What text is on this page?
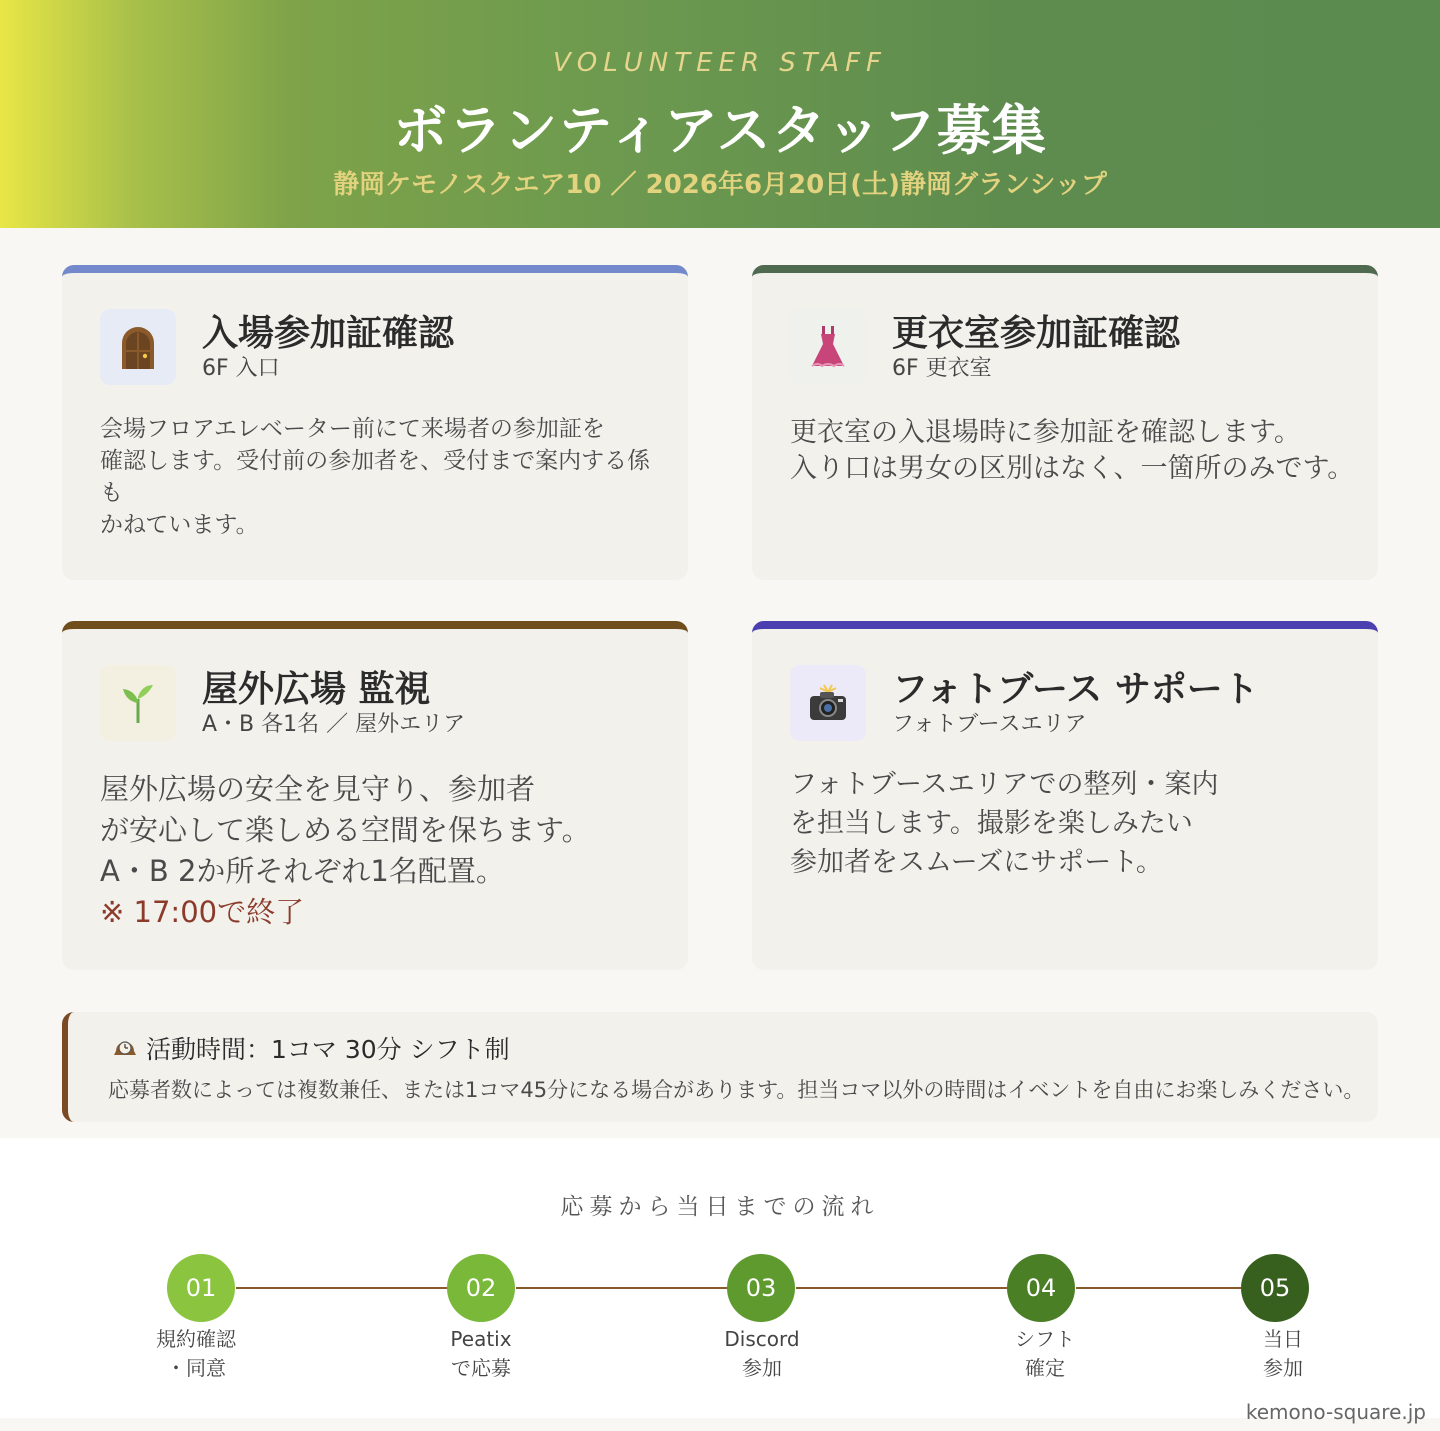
VOLUNTEER STAFF
ボランティアスタッフ募集
静岡ケモノスクエア10 ／ 2026年6月20日(土)静岡グランシップ
入場参加証確認
6F 入口
会場フロアエレベーター前にて来場者の参加証を
確認します。受付前の参加者を、受付まで案内する係も
かねています。
更衣室参加証確認
6F 更衣室
更衣室の入退場時に参加証を確認します。
入り口は男女の区別はなく、一箇所のみです。
屋外広場 監視
A・B 各1名 ／ 屋外エリア
屋外広場の安全を見守り、参加者
が安心して楽しめる空間を保ちます。
A・B 2か所それぞれ1名配置。
※ 17:00で終了
フォトブース サポート
フォトブースエリア
フォトブースエリアでの整列・案内
を担当します。撮影を楽しみたい
参加者をスムーズにサポート。
活動時間：1コマ 30分 シフト制
応募者数によっては複数兼任、または1コマ45分になる場合があります。担当コマ以外の時間はイベントを自由にお楽しみください。
応募から当日までの流れ
01	02	03	04	05
規約確認
・同意
Peatix
で応募
Discord
参加
シフト
確定
当日
参加
kemono-square.jp
